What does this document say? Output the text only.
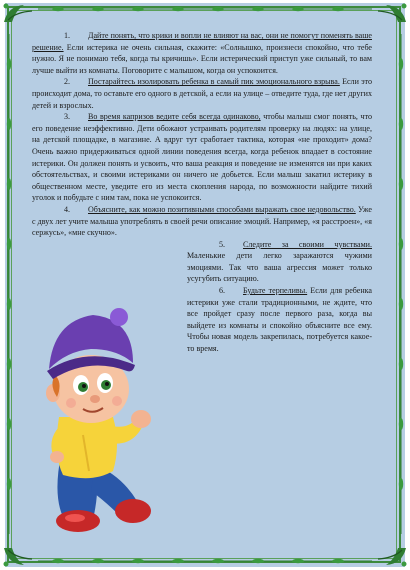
1. Дайте понять, что крики и вопли не влияют на вас, они не помогут поменять ваше решение. Если истерика не очень сильная, скажите: «Солнышко, произнеси спокойно, что тебе нужно. Я не понимаю тебя, когда ты кричишь». Если истерический приступ уже сильный, то вам лучше выйти из комнаты. Поговорите с малышом, когда он успокоится.

2. Постарайтесь изолировать ребенка в самый пик эмоционального взрыва. Если это происходит дома, то оставьте его одного в детской, а если на улице – отведите туда, где нет других детей и взрослых.

3. Во время капризов ведите себя всегда одинаково, чтобы малыш смог понять, что его поведение неэффективно. Дети обожают устраивать родителям проверку на людях: на улице, на детской площадке, в магазине. А вдруг тут сработает тактика, которая «не проходит» дома? Очень важно придерживаться одной линии поведения всегда, когда ребенок впадает в состояние истерики. Он должен понять и усвоить, что ваша реакция и поведение не изменятся ни при каких обстоятельствах, и своими истериками он ничего не добьется. Если малыш закатил истерику в общественном месте, уведите его из места скопления народа, по возможности найдите тихий уголок и побудьте с ним там, пока не успокоится.

4. Объясните, как можно позитивными способами выражать свое недовольство. Уже с двух лет учите малыша употреблять в своей речи описание эмоций. Например, «я расстроен», «я сержусь», «мне скучно».

5. Следите за своими чувствами. Маленькие дети легко заражаются чужими эмоциями. Так что ваша агрессия может только усугубить ситуацию.

6. Будьте терпеливы. Если для ребенка истерики уже стали традиционными, не ждите, что все пройдет сразу после первого раза, когда вы выйдете из комнаты и спокойно объясните все ему. Чтобы новая модель закрепилась, потребуется какое-то время.
